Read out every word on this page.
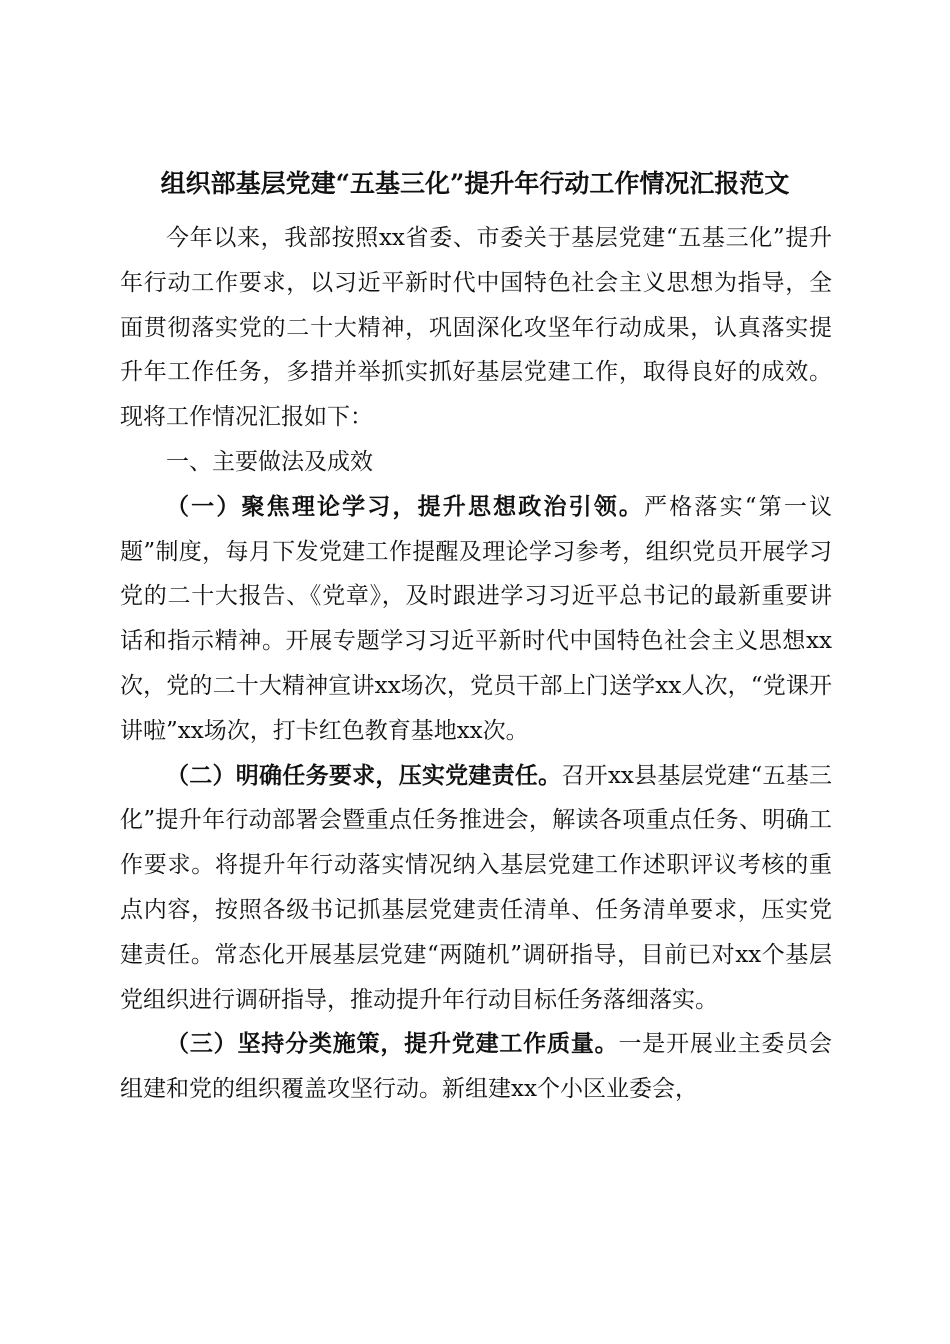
组织部基层党建“五基三化”提升年行动工作情况汇报范文

今年以来，我部按照xx省委、市委关于基层党建“五基三化”提升年行动工作要求，以习近平新时代中国特色社会主义思想为指导，全面贯彻落实党的二十大精神，巩固深化攻坚年行动成果，认真落实提升年工作任务，多措并举抓实抓好基层党建工作，取得良好的成效。现将工作情况汇报如下：

一、主要做法及成效

（一）聚焦理论学习，提升思想政治引领。严格落实“第一议题”制度，每月下发党建工作提醒及理论学习参考，组织党员开展学习党的二十大报告、《党章》，及时跟进学习习近平总书记的最新重要讲话和指示精神。开展专题学习习近平新时代中国特色社会主义思想xx次，党的二十大精神宣讲xx场次，党员干部上门送学xx人次，“党课开讲啦”xx场次，打卡红色教育基地xx次。

（二）明确任务要求，压实党建责任。召开xx县基层党建“五基三化”提升年行动部署会暨重点任务推进会，解读各项重点任务、明确工作要求。将提升年行动落实情况纳入基层党建工作述职评议考核的重点内容，按照各级书记抓基层党建责任清单、任务清单要求，压实党建责任。常态化开展基层党建“两随机”调研指导，目前已对xx个基层党组织进行调研指导，推动提升年行动目标任务落细落实。

（三）坚持分类施策，提升党建工作质量。一是开展业主委员会组建和党的组织覆盖攻坚行动。新组建xx个小区业委会，
